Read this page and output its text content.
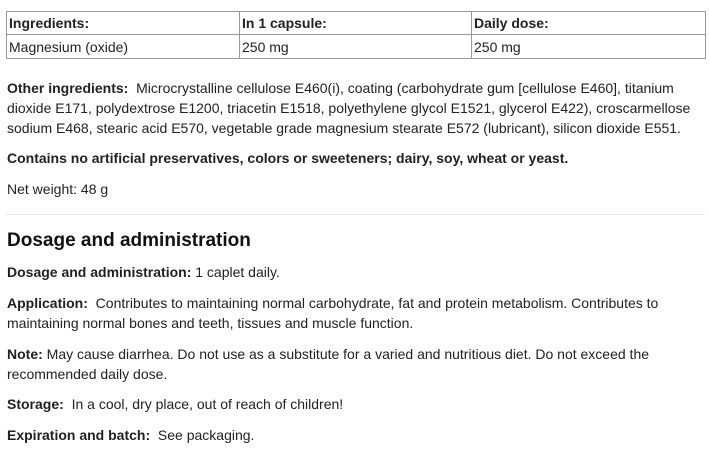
Ingredients:	In 1 capsule:	Daily dose:
Magnesium (oxide)	250 mg	250 mg

Other ingredients: Microcrystalline cellulose E460(i), coating (carbohydrate gum [cellulose E460], titanium dioxide E171, polydextrose E1200, triacetin E1518, polyethylene glycol E1521, glycerol E422), croscarmellose sodium E468, stearic acid E570, vegetable grade magnesium stearate E572 (lubricant), silicon dioxide E551.

Contains no artificial preservatives, colors or sweeteners; dairy, soy, wheat or yeast.

Net weight: 48 g

Dosage and administration

Dosage and administration: 1 caplet daily.

Application: Contributes to maintaining normal carbohydrate, fat and protein metabolism. Contributes to maintaining normal bones and teeth, tissues and muscle function.

Note: May cause diarrhea. Do not use as a substitute for a varied and nutritious diet. Do not exceed the recommended daily dose.

Storage: In a cool, dry place, out of reach of children!

Expiration and batch: See packaging.
